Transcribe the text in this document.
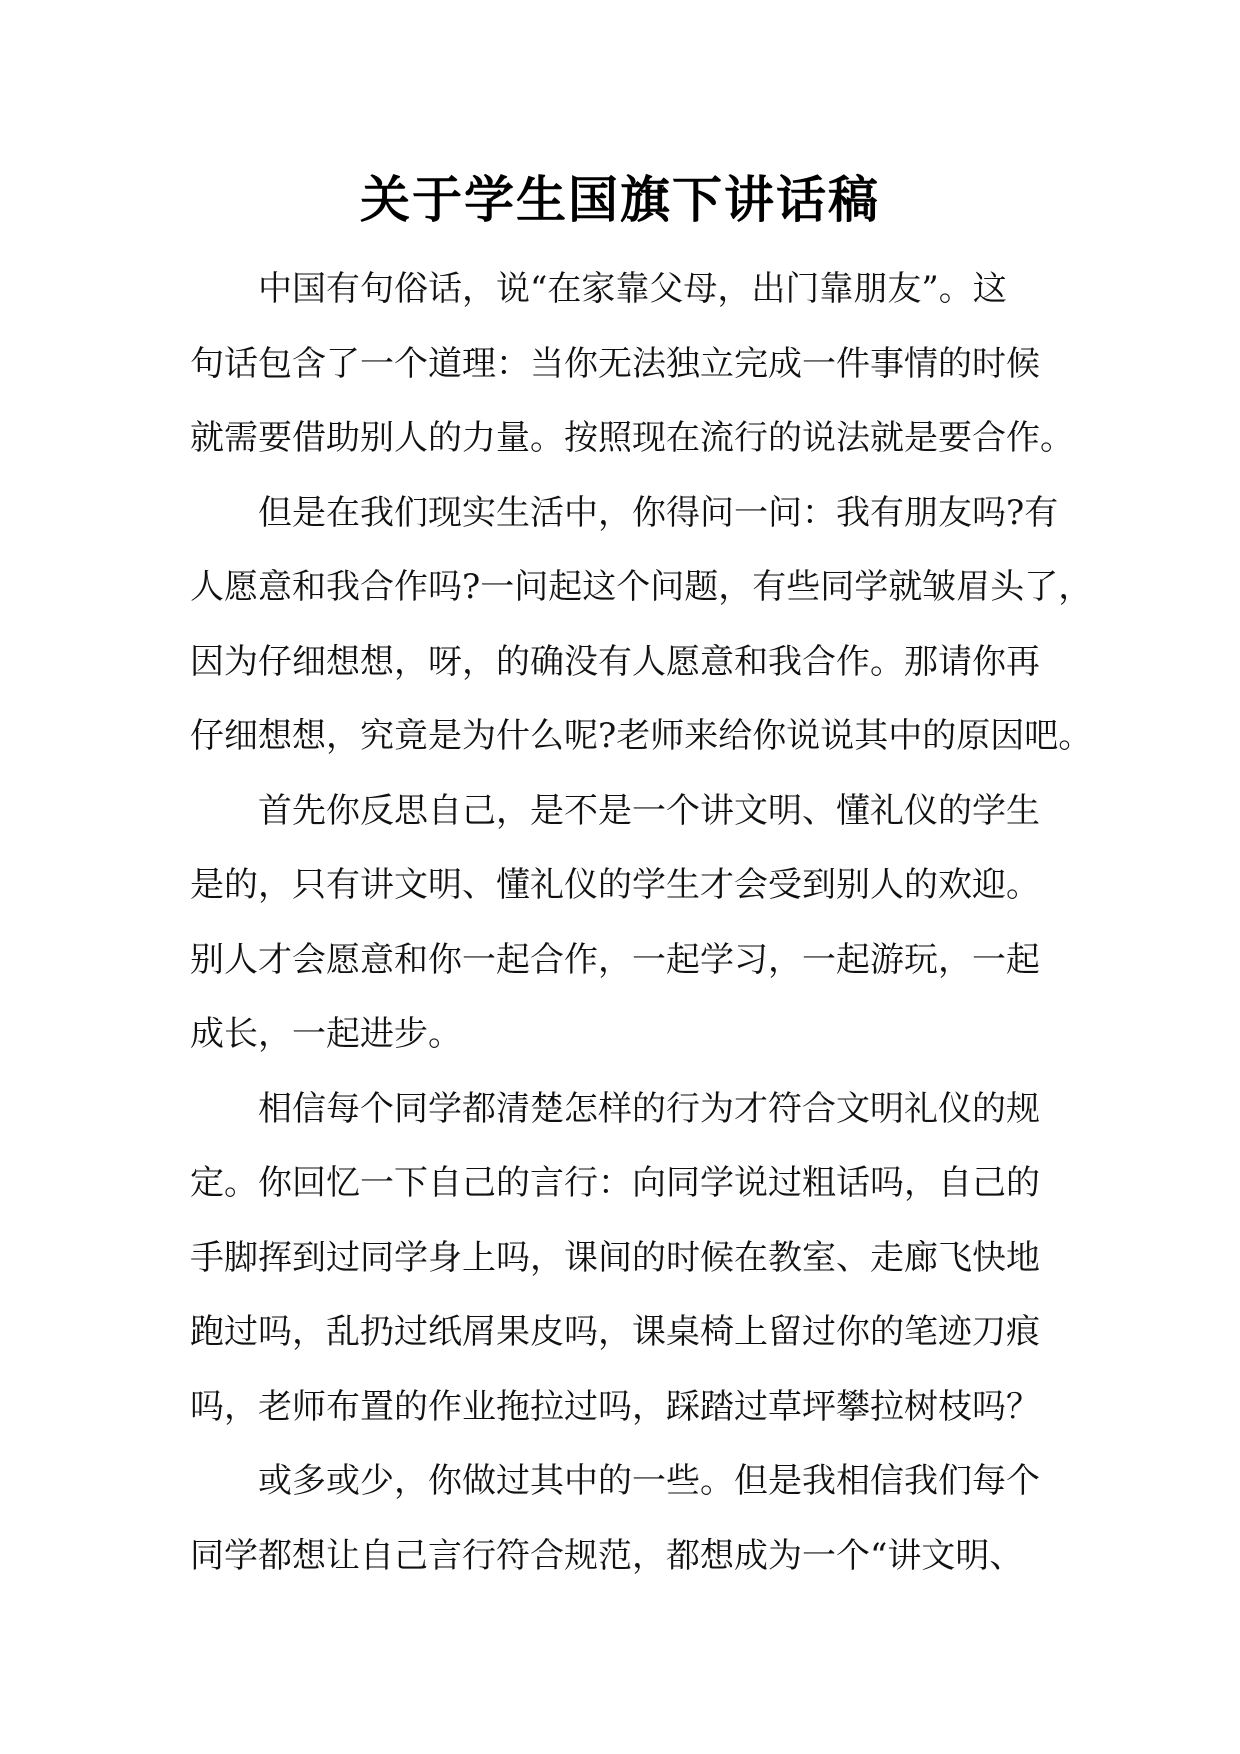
关于学生国旗下讲话稿
中国有句俗话，说“在家靠父母，出门靠朋友”。这
句话包含了一个道理：当你无法独立完成一件事情的时候
就需要借助别人的力量。按照现在流行的说法就是要合作。
但是在我们现实生活中，你得问一问：我有朋友吗?有
人愿意和我合作吗?一问起这个问题，有些同学就皱眉头了，
因为仔细想想，呀，的确没有人愿意和我合作。那请你再
仔细想想，究竟是为什么呢?老师来给你说说其中的原因吧。
首先你反思自己，是不是一个讲文明、懂礼仪的学生
是的，只有讲文明、懂礼仪的学生才会受到别人的欢迎。
别人才会愿意和你一起合作，一起学习，一起游玩，一起
成长，一起进步。
相信每个同学都清楚怎样的行为才符合文明礼仪的规
定。你回忆一下自己的言行：向同学说过粗话吗，自己的
手脚挥到过同学身上吗，课间的时候在教室、走廊飞快地
跑过吗，乱扔过纸屑果皮吗，课桌椅上留过你的笔迹刀痕
吗，老师布置的作业拖拉过吗，踩踏过草坪攀拉树枝吗？
或多或少，你做过其中的一些。但是我相信我们每个
同学都想让自己言行符合规范，都想成为一个“讲文明、
